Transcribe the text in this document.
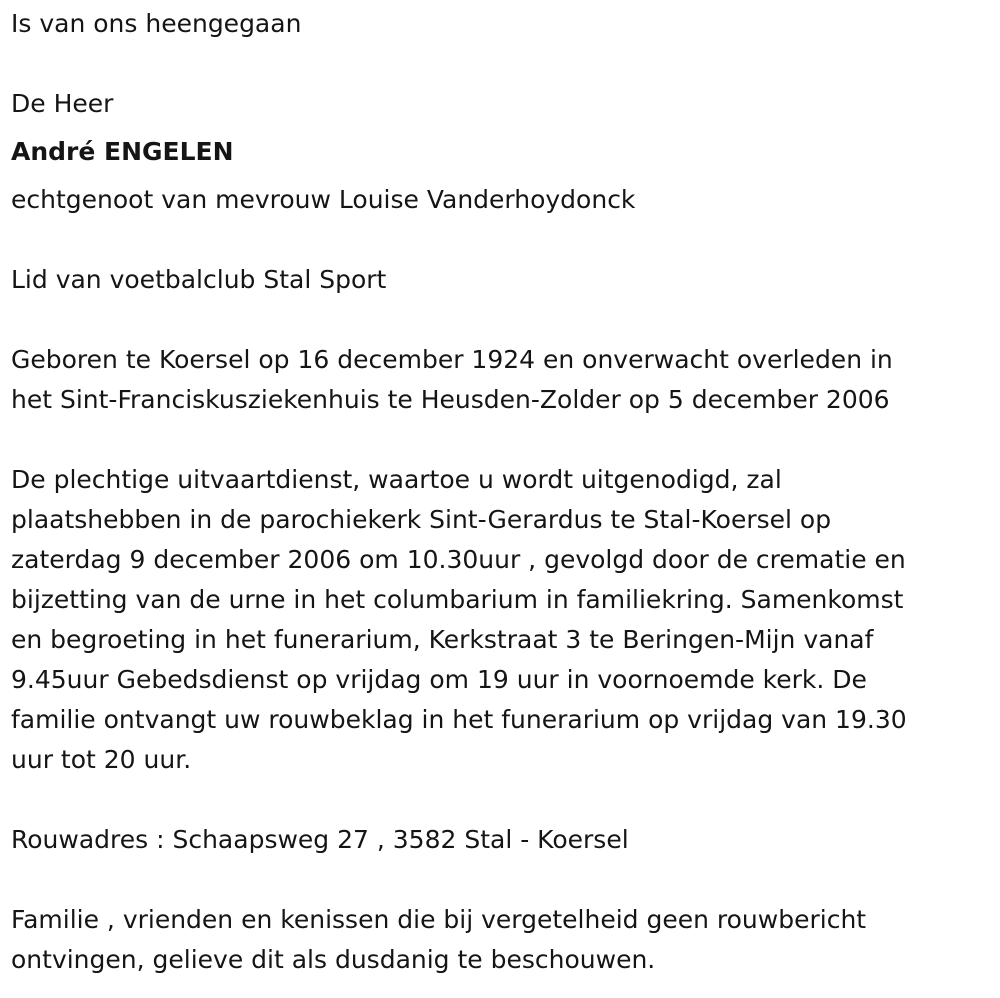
Is van ons heengegaan

De Heer

André ENGELEN

echtgenoot van mevrouw Louise Vanderhoydonck

Lid van voetbalclub Stal Sport

Geboren te Koersel op 16 december 1924 en onverwacht overleden in

het Sint-Franciskusziekenhuis te Heusden-Zolder op 5 december 2006

De plechtige uitvaartdienst, waartoe u wordt uitgenodigd, zal

plaatshebben in de parochiekerk Sint-Gerardus te Stal-Koersel op

zaterdag 9 december 2006 om 10.30uur , gevolgd door de crematie en

bijzetting van de urne in het columbarium in familiekring. Samenkomst

en begroeting in het funerarium, Kerkstraat 3 te Beringen-Mijn vanaf

9.45uur Gebedsdienst op vrijdag om 19 uur in voornoemde kerk. De

familie ontvangt uw rouwbeklag in het funerarium op vrijdag van 19.30

uur tot 20 uur.

Rouwadres : Schaapsweg 27 , 3582 Stal - Koersel

Familie , vrienden en kenissen die bij vergetelheid geen rouwbericht

ontvingen, gelieve dit als dusdanig te beschouwen.
